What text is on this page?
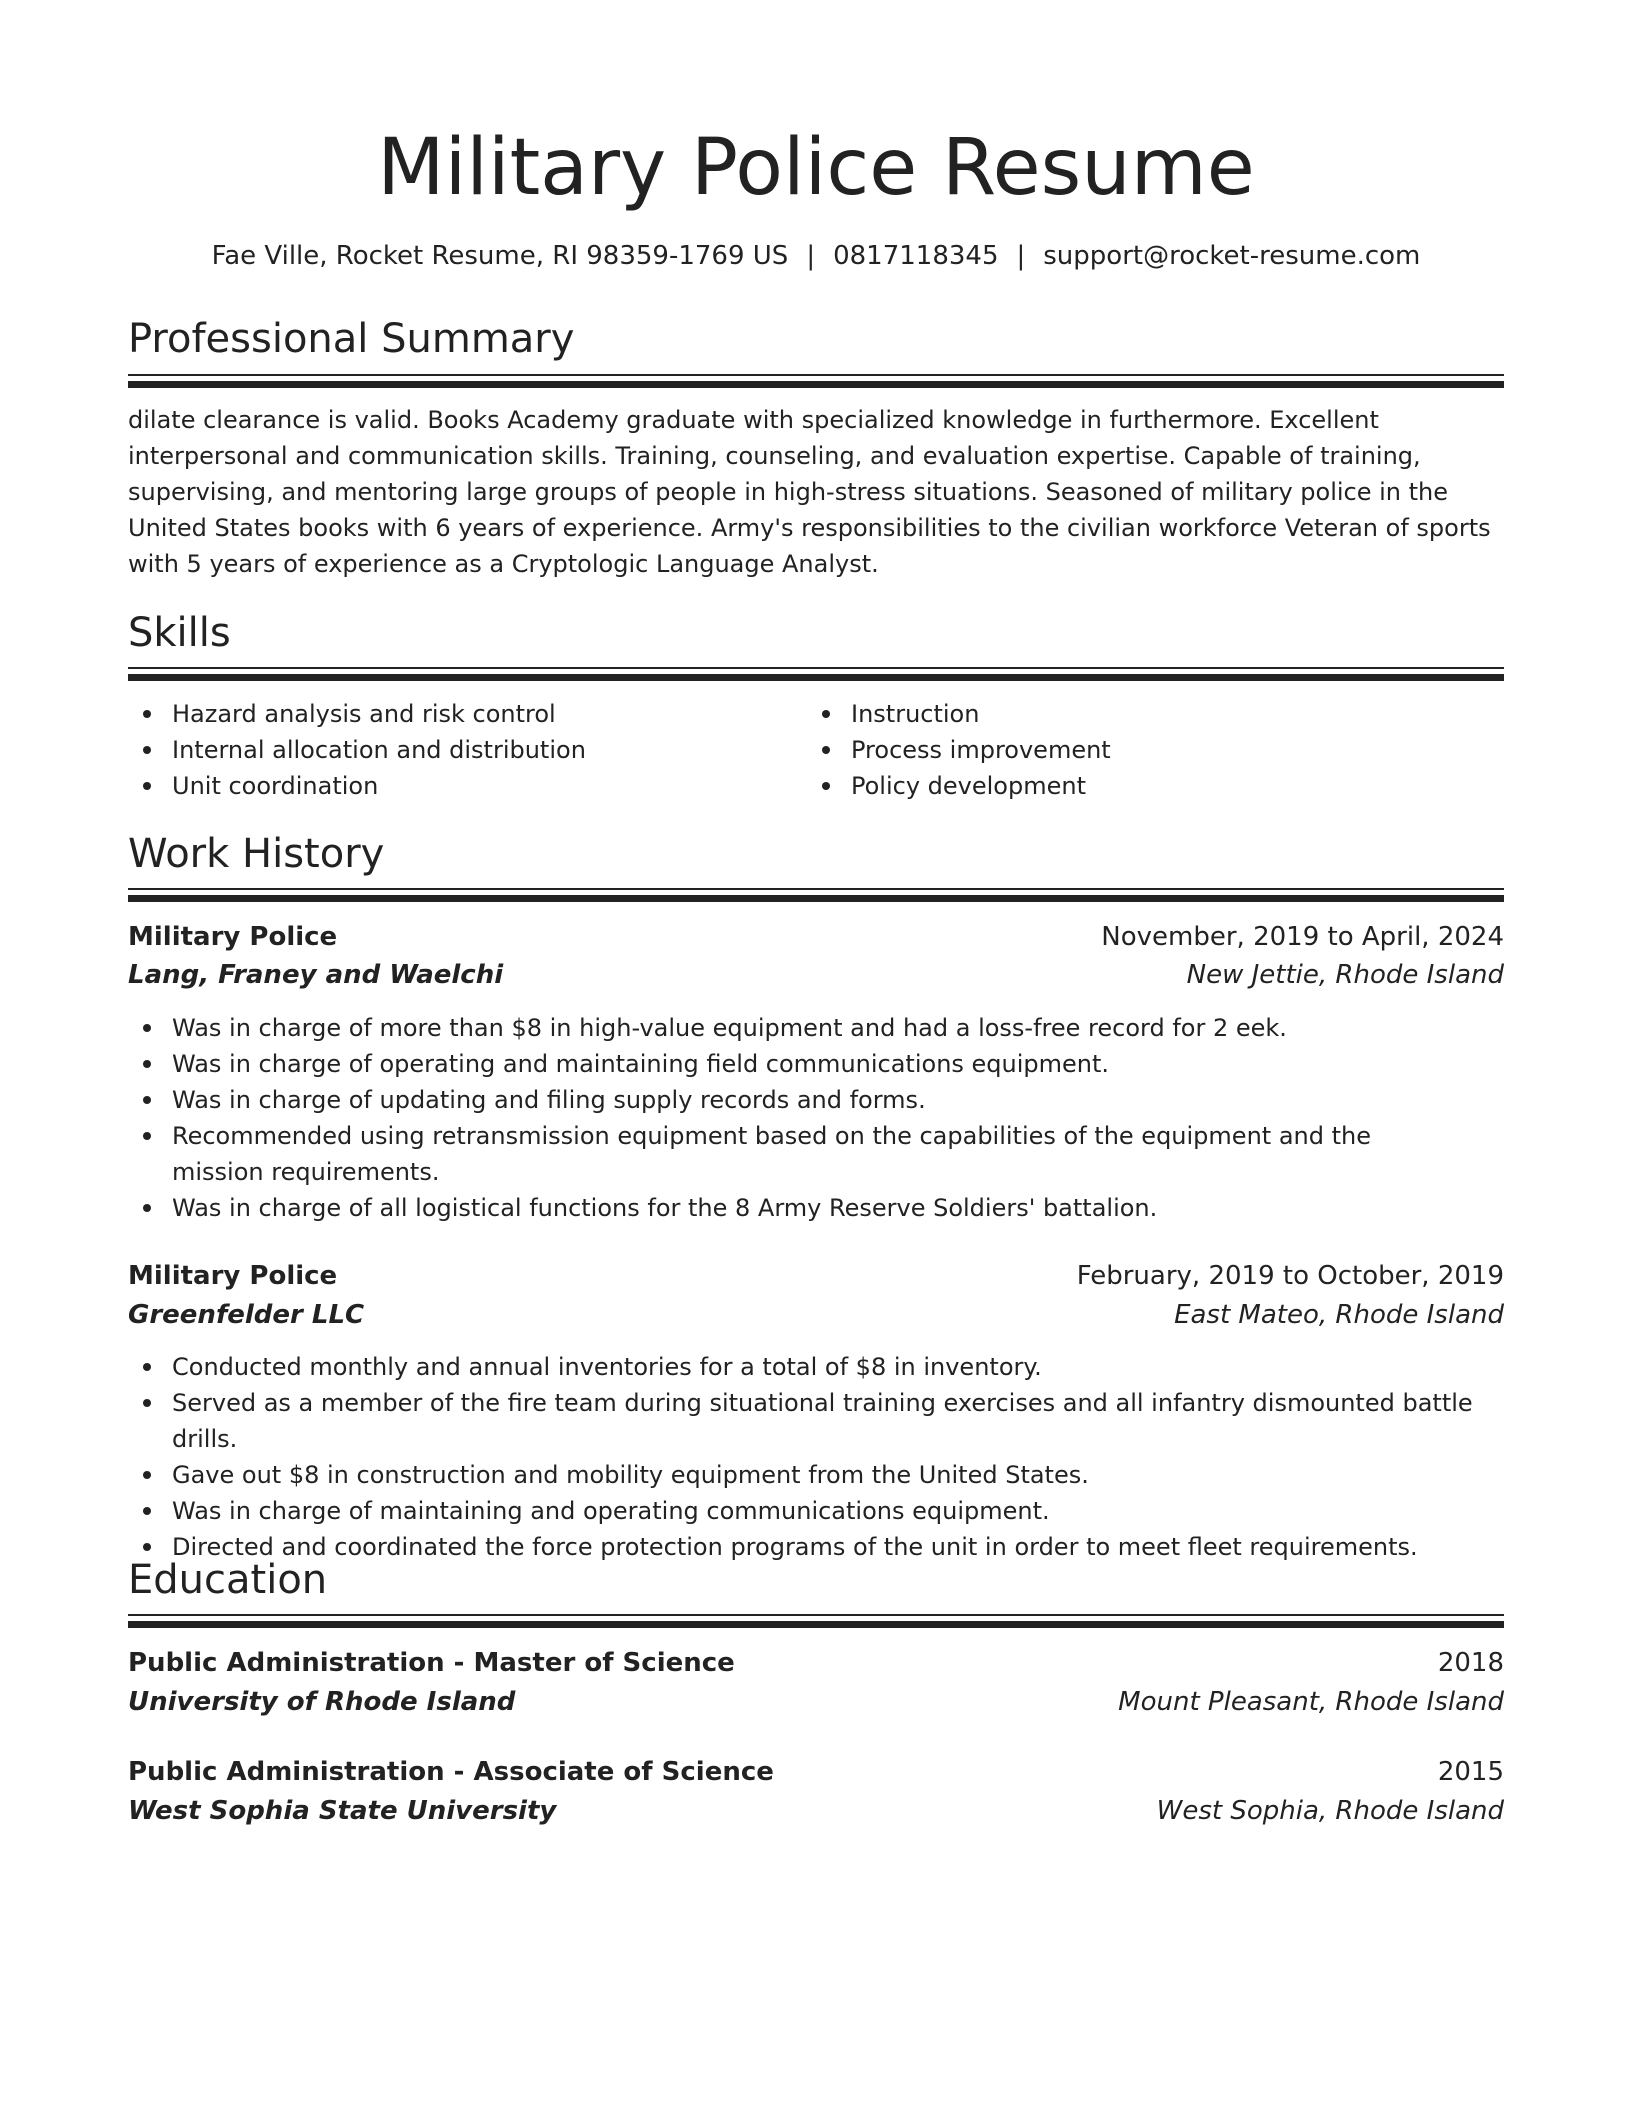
Military Police Resume
Fae Ville, Rocket Resume, RI 98359-1769 US | 0817118345 | support@rocket-resume.com
Professional Summary
dilate clearance is valid. Books Academy graduate with specialized knowledge in furthermore. Excellent interpersonal and communication skills. Training, counseling, and evaluation expertise. Capable of training, supervising, and mentoring large groups of people in high-stress situations. Seasoned of military police in the United States books with 6 years of experience. Army's responsibilities to the civilian workforce Veteran of sports with 5 years of experience as a Cryptologic Language Analyst.
Skills
Hazard analysis and risk control
Internal allocation and distribution
Unit coordination
Instruction
Process improvement
Policy development
Work History
Military Police	November, 2019 to April, 2024
Lang, Franey and Waelchi	New Jettie, Rhode Island
Was in charge of more than $8 in high-value equipment and had a loss-free record for 2 eek.
Was in charge of operating and maintaining field communications equipment.
Was in charge of updating and filing supply records and forms.
Recommended using retransmission equipment based on the capabilities of the equipment and the mission requirements.
Was in charge of all logistical functions for the 8 Army Reserve Soldiers' battalion.
Military Police	February, 2019 to October, 2019
Greenfelder LLC	East Mateo, Rhode Island
Conducted monthly and annual inventories for a total of $8 in inventory.
Served as a member of the fire team during situational training exercises and all infantry dismounted battle drills.
Gave out $8 in construction and mobility equipment from the United States.
Was in charge of maintaining and operating communications equipment.
Directed and coordinated the force protection programs of the unit in order to meet fleet requirements.
Education
Public Administration - Master of Science	2018
University of Rhode Island	Mount Pleasant, Rhode Island
Public Administration - Associate of Science	2015
West Sophia State University	West Sophia, Rhode Island
